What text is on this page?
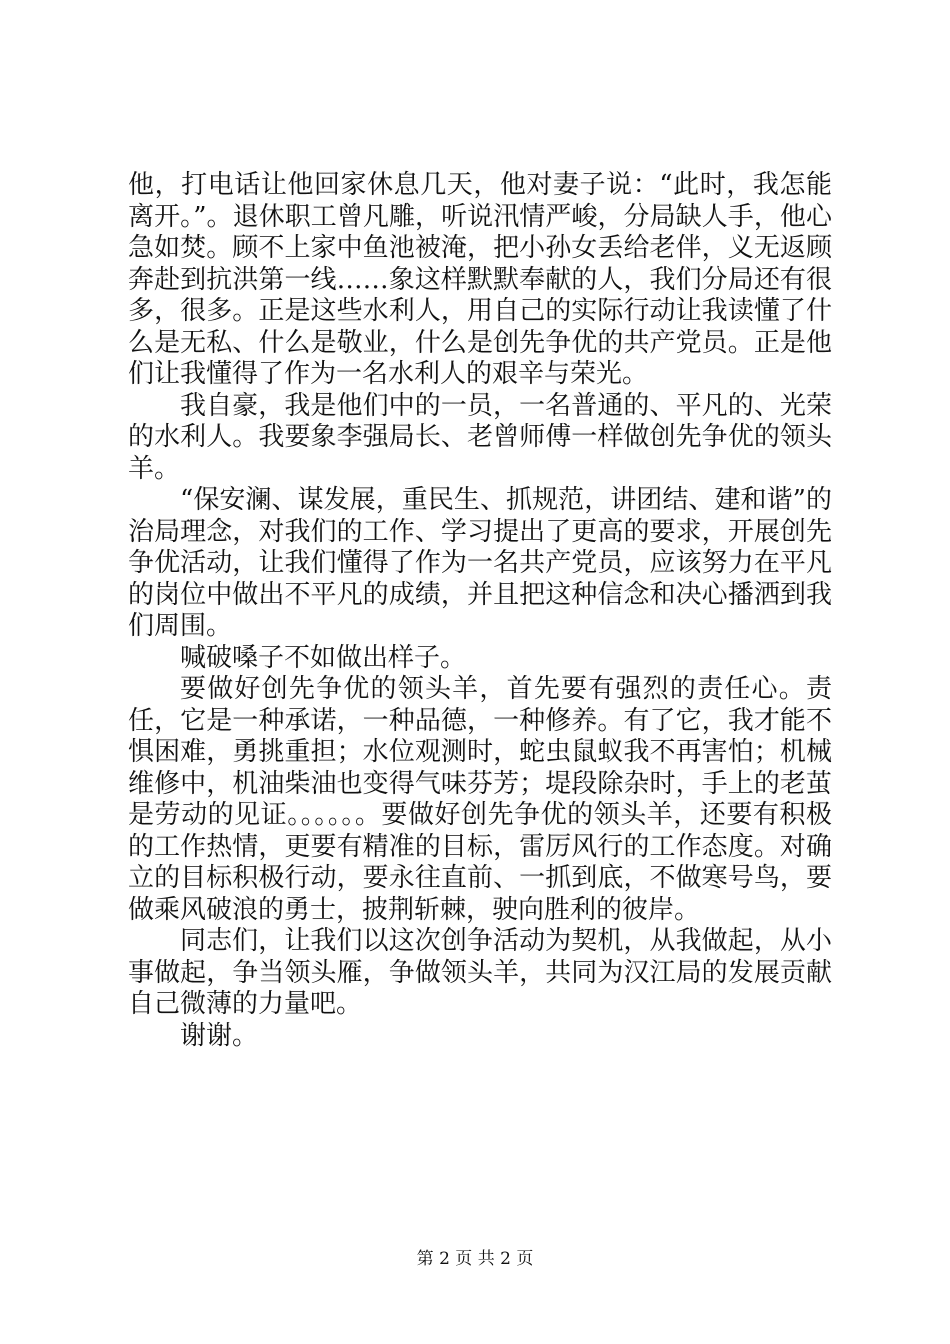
他，打电话让他回家休息几天，他对妻子说：“此时，我怎能离开。”。退休职工曾凡雕，听说汛情严峻，分局缺人手，他心急如焚。顾不上家中鱼池被淹，把小孙女丢给老伴，义无返顾奔赴到抗洪第一线……象这样默默奉献的人，我们分局还有很多，很多。正是这些水利人，用自己的实际行动让我读懂了什么是无私、什么是敬业，什么是创先争优的共产党员。正是他们让我懂得了作为一名水利人的艰辛与荣光。

我自豪，我是他们中的一员，一名普通的、平凡的、光荣的水利人。我要象李强局长、老曾师傅一样做创先争优的领头羊。

“保安澜、谋发展，重民生、抓规范，讲团结、建和谐”的治局理念，对我们的工作、学习提出了更高的要求，开展创先争优活动，让我们懂得了作为一名共产党员，应该努力在平凡的岗位中做出不平凡的成绩，并且把这种信念和决心播洒到我们周围。

喊破嗓子不如做出样子。

要做好创先争优的领头羊，首先要有强烈的责任心。责任，它是一种承诺，一种品德，一种修养。有了它，我才能不惧困难，勇挑重担；水位观测时，蛇虫鼠蚁我不再害怕；机械维修中，机油柴油也变得气味芬芳；堤段除杂时，手上的老茧是劳动的见证。。。。。。要做好创先争优的领头羊，还要有积极的工作热情，更要有精准的目标，雷厉风行的工作态度。对确立的目标积极行动，要永往直前、一抓到底，不做寒号鸟，要做乘风破浪的勇士，披荆斩棘，驶向胜利的彼岸。

同志们，让我们以这次创争活动为契机，从我做起，从小事做起，争当领头雁，争做领头羊，共同为汉江局的发展贡献自己微薄的力量吧。

谢谢。

第 2 页 共 2 页
